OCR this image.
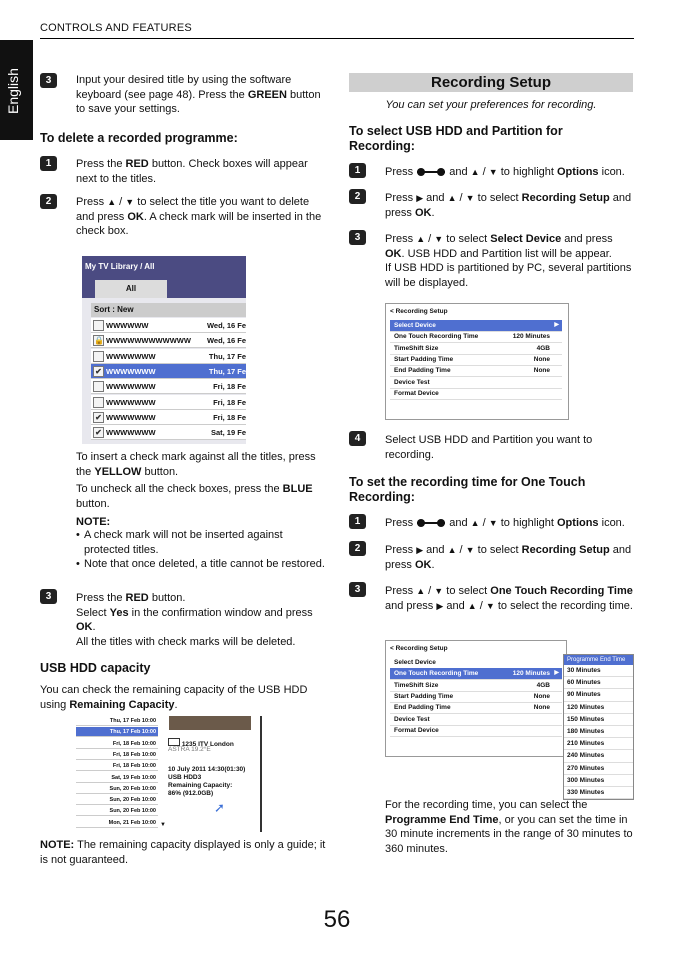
CONTROLS AND FEATURES
English	3	Input your desired title by using the software keyboard (see page 48). Press the GREEN button to save your settings.
To delete a recorded programme:
1	Press the RED button. Check boxes will appear next to the titles.
2	Press ▲ / ▼ to select the title you want to delete and press OK. A check mark will be inserted in the check box.
My TV Library / All
All
Sort : New
WWWWWW	Wed, 16 Fe
🔒 WWWWWWWWWWWW Wed, 16 Fe
WWWWWWW	Thu, 17 Fe
✔ WWWWWWW	Thu, 17 Fe
WWWWWWW	Fri, 18 Fe
WWWWWWW	Fri, 18 Fe
✔ WWWWWWW	Fri, 18 Fe
✔ WWWWWWW	Sat, 19 Fe
To insert a check mark against all the titles, press the YELLOW button.
To uncheck all the check boxes, press the BLUE button.
NOTE:
• A check mark will not be inserted against protected titles.
• Note that once deleted, a title cannot be restored.
3	Press the RED button.
Select Yes in the confirmation window and press OK.
All the titles with check marks will be deleted.
USB HDD capacity
You can check the remaining capacity of the USB HDD using Remaining Capacity.
Thu, 17 Feb 10:00
Thu, 17 Feb 10:00
Fri, 18 Feb 10:00
Fri, 18 Feb 10:00
Fri, 18 Feb 10:00
Sat, 19 Feb 10:00
Sun, 20 Feb 10:00
Sun, 20 Feb 10:00
Sun, 20 Feb 10:00
Mon, 21 Feb 10:00
1235 ITV London
ASTRA 19.2°E
10 July 2011 14:30(01:30)
USB HDD3
Remaining Capacity:
86% (912.0GB)
➚
▼
NOTE: The remaining capacity displayed is only a guide; it is not guaranteed.
Recording Setup
You can set your preferences for recording.
To select USB HDD and Partition for Recording:
1	Press	and ▲ / ▼ to highlight Options icon.
2	Press ▶ and ▲ / ▼ to select Recording Setup and press OK.
3	Press ▲ / ▼ to select Select Device and press OK. USB HDD and Partition list will be appear.
If USB HDD is partitioned by PC, several partitions will be displayed.
< Recording Setup
Select Device	▶
One Touch Recording Time	120 Minutes
TimeShift Size	4GB
Start Padding Time	None
End Padding Time	None
Device Test
Format Device
4	Select USB HDD and Partition you want to recording.
To set the recording time for One Touch Recording:
1	Press	and ▲ / ▼ to highlight Options icon.
2	Press ▶ and ▲ / ▼ to select Recording Setup and press OK.
3	Press ▲ / ▼ to select One Touch Recording Time and press ▶ and ▲ / ▼ to select the recording time.
< Recording Setup
Select Device
One Touch Recording Time	120 Minutes ▶
TimeShift Size	4GB
Start Padding Time	None
End Padding Time	None
Device Test
Format Device
Programme End Time
30 Minutes
60 Minutes
90 Minutes
120 Minutes
150 Minutes
180 Minutes
210 Minutes
240 Minutes
270 Minutes
300 Minutes
330 Minutes
For the recording time, you can select the Programme End Time, or you can set the time in 30 minute increments in the range of 30 minutes to 360 minutes.
56
